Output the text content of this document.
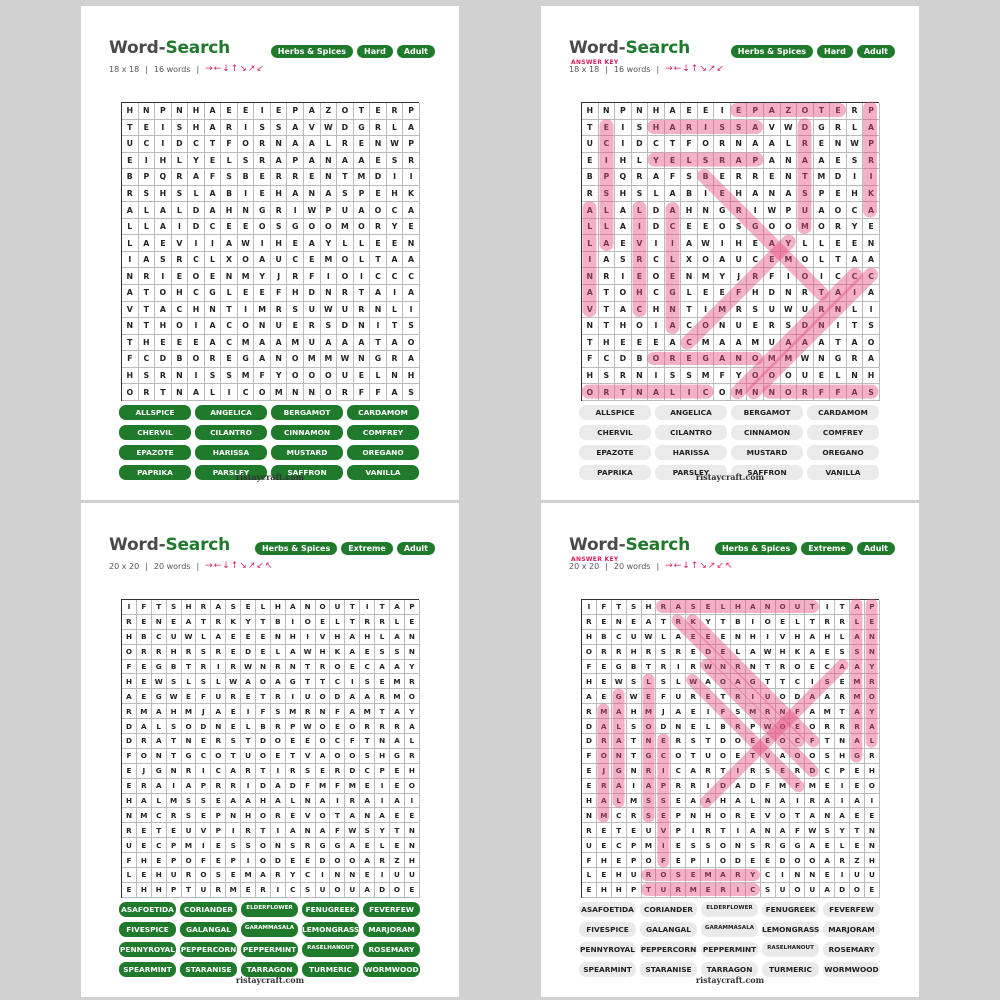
Word-Search	Herbs & Spices	Hard	Adult
18 x 18 | 16 words | →←↓↑↘↗↙
H	N	P	N	H	A	E	E	I	E	P	A	Z	O	T	E	R	P
T	E	I	S	H	A	R	I	S	S	A	V	W	D	G	R	L	A
U	C	I	D	C	T	F	O	R	N	A	A	L	R	E	N	W	P
E	I	H	L	Y	E	L	S	R	A	P	A	N	A	A	E	S	R
B	P	Q	R	A	F	S	B	E	R	R	E	N	T	M	D	I	I
R	S	H	S	L	A	B	I	E	H	A	N	A	S	P	E	H	K
A	L	A	L	D	A	H	N	G	R	I	W	P	U	A	O	C	A
L	L	A	I	D	C	E	E	O	S	G	O	O	M	O	R	Y	E
L	A	E	V	I	I	A	W	I	H	E	A	Y	L	L	E	E	N
I	A	S	R	C	L	X	O	A	U	C	E	M	O	L	T	A	A
N	R	I	E	O	E	N	M	Y	J	R	F	I	O	I	C	C	C
A	T	O	H	C	G	L	E	E	F	H	D	N	R	T	A	I	A
V	T	A	C	H	N	T	I	M	R	S	U	W	U	R	N	L	I
N	T	H	O	I	A	C	O	N	U	E	R	S	D	N	I	T	S
T	H	E	E	E	A	C	M	A	A	M	U	A	A	A	T	A	O
F	C	D	B	O	R	E	G	A	N	O	M	M	W	N	G	R	A
H	S	R	N	I	S	S	M	F	Y	O	O	O	U	E	L	N	H
O	R	T	N	A	L	I	C	O	M	N	N	O	R	F	F	A	S
ALLSPICE	ANGELICA	BERGAMOT	CARDAMOM
CHERVIL	CILANTRO	CINNAMON	COMFREY
EPAZOTE	HARISSA	MUSTARD	OREGANO
PAPRIKA	PARSLEY	SAFFRON	VANILLA
ristaycraft.com
Word-Search
ANSWER KEY
Herbs & Spices	Hard	Adult
18 x 18 | 16 words | →←↓↑↘↗↙
H	N	P	N	H	A	E	E	I	E	P	A	Z	O	T	E	R	P
T	E	I	S	H	A	R	I	S	S	A	V	W	D	G	R	L	A
U	C	I	D	C	T	F	O	R	N	A	A	L	R	E	N	W	P
E	I	H	L	Y	E	L	S	R	A	P	A	N	A	A	E	S	R
B	P	Q	R	A	F	S	B	E	R	R	E	N	T	M	D	I	I
R	S	H	S	L	A	B	I	E	H	A	N	A	S	P	E	H	K
A	L	A	L	D	A	H	N	G	R	I	W	P	U	A	O	C	A
L	L	A	I	D	C	E	E	O	S	G	O	O	M	O	R	Y	E
L	A	E	V	I	I	A	W	I	H	E	A	Y	L	L	E	E	N
I	A	S	R	C	L	X	O	A	U	C	E	M	O	L	T	A	A
N	R	I	E	O	E	N	M	Y	J	R	F	I	O	I	C	C	C
A	T	O	H	C	G	L	E	E	F	H	D	N	R	T	A	I	A
V	T	A	C	H	N	T	I	M	R	S	U	W	U	R	N	L	I
N	T	H	O	I	A	C	O	N	U	E	R	S	D	N	I	T	S
T	H	E	E	E	A	C	M	A	A	M	U	A	A	A	T	A	O
F	C	D	B	O	R	E	G	A	N	O	M	M	W	N	G	R	A
H	S	R	N	I	S	S	M	F	Y	O	O	O	U	E	L	N	H
O	R	T	N	A	L	I	C	O	M	N	N	O	R	F	F	A	S
ALLSPICE	ANGELICA	BERGAMOT	CARDAMOM
CHERVIL	CILANTRO	CINNAMON	COMFREY
EPAZOTE	HARISSA	MUSTARD	OREGANO
PAPRIKA	PARSLEY	SAFFRON	VANILLA
ristaycraft.com
Word-Search	Herbs & Spices	Extreme	Adult
20 x 20 | 20 words | →←↓↑↘↗↙↖
I	F	T	S	H	R	A	S	E	L	H	A	N	O	U	T	I	T	A	P
R	E	N	E	A	T	R	K	Y	T	B	I	O	E	L	T	R	R	L	E
H	B	C	U	W	L	A	E	E	E	N	H	I	V	H	A	H	L	A	N
O	R	R	H	R	S	R	E	D	E	L	A	W	H	K	A	E	S	S	N
F	E	G	B	T	R	I	R	W	N	R	N	T	R	O	E	C	A	A	Y
H	E	W	S	L	S	L	W	A	O	A	G	T	T	C	I	S	E	M	R
A	E	G	W	E	F	U	R	E	T	R	I	U	O	D	A	A	R	M	O
R	M	A	H	M	J	A	E	I	F	S	M	R	N	F	A	M	T	A	Y
D	A	L	S	O	D	N	E	L	B	R	P	W	O	E	O	R	R	R	A
D	R	A	T	N	E	R	S	T	D	O	E	E	O	C	F	T	N	A	L
F	O	N	T	G	C	O	T	U	O	E	T	V	A	O	O	S	H	G	R
E	J	G	N	R	I	C	A	R	T	I	R	S	E	R	D	C	P	E	H
E	R	A	I	A	P	R	R	I	D	A	D	F	M	F	M	E	I	E	O
H	A	L	M	S	S	E	A	A	H	A	L	N	A	I	R	A	I	A	I
N	M	C	R	S	E	P	N	H	O	R	E	V	O	T	A	N	A	E	E
R	E	T	E	U	V	P	I	R	T	I	A	N	A	F	W	S	Y	T	N
U	E	C	P	M	I	E	S	S	O	N	S	R	G	G	A	E	L	E	N
F	H	E	P	O	F	E	P	I	O	D	E	E	D	O	O	A	R	Z	H
L	E	H	U	R	O	S	E	M	A	R	Y	C	I	N	N	E	I	U	U
E	H	H	P	T	U	R	M	E	R	I	C	S	U	O	U	A	D	O	E
ASAFOETIDA	CORIANDER	ELDERFLOWER	FENUGREEK	FEVERFEW
FIVESPICE	GALANGAL	GARAMMASALA	LEMONGRASS	MARJORAM
PENNYROYAL PEPPERCORN PEPPERMINT	RASELHANOUT	ROSEMARY
SPEARMINT	STARANISE	TARRAGON	TURMERIC	WORMWOOD
ristaycraft.com
Word-Search
ANSWER KEY
Herbs & Spices	Extreme	Adult
20 x 20 | 20 words | →←↓↑↘↗↙↖
I	F	T	S	H	R	A	S	E	L	H	A	N	O	U	T	I	T	A	P
R	E	N	E	A	T	R	K	Y	T	B	I	O	E	L	T	R	R	L	E
H	B	C	U	W	L	A	E	E	E	N	H	I	V	H	A	H	L	A	N
O	R	R	H	R	S	R	E	D	E	L	A	W	H	K	A	E	S	S	N
F	E	G	B	T	R	I	R	W	N	R	N	T	R	O	E	C	A	A	Y
H	E	W	S	L	S	L	W	A	O	A	G	T	T	C	I	S	E	M	R
A	E	G	W	E	F	U	R	E	T	R	I	U	O	D	A	A	R	M	O
R	M	A	H	M	J	A	E	I	F	S	M	R	N	F	A	M	T	A	Y
D	A	L	S	O	D	N	E	L	B	R	P	W	O	E	O	R	R	R	A
D	R	A	T	N	E	R	S	T	D	O	E	E	O	C	F	T	N	A	L
F	O	N	T	G	C	O	T	U	O	E	T	V	A	O	O	S	H	G	R
E	J	G	N	R	I	C	A	R	T	I	R	S	E	R	D	C	P	E	H
E	R	A	I	A	P	R	R	I	D	A	D	F	M	F	M	E	I	E	O
H	A	L	M	S	S	E	A	A	H	A	L	N	A	I	R	A	I	A	I
N	M	C	R	S	E	P	N	H	O	R	E	V	O	T	A	N	A	E	E
R	E	T	E	U	V	P	I	R	T	I	A	N	A	F	W	S	Y	T	N
U	E	C	P	M	I	E	S	S	O	N	S	R	G	G	A	E	L	E	N
F	H	E	P	O	F	E	P	I	O	D	E	E	D	O	O	A	R	Z	H
L	E	H	U	R	O	S	E	M	A	R	Y	C	I	N	N	E	I	U	U
E	H	H	P	T	U	R	M	E	R	I	C	S	U	O	U	A	D	O	E
ASAFOETIDA	CORIANDER	ELDERFLOWER	FENUGREEK	FEVERFEW
FIVESPICE	GALANGAL	GARAMMASALA	LEMONGRASS	MARJORAM
PENNYROYAL PEPPERCORN PEPPERMINT	RASELHANOUT	ROSEMARY
SPEARMINT	STARANISE	TARRAGON	TURMERIC	WORMWOOD
ristaycraft.com
